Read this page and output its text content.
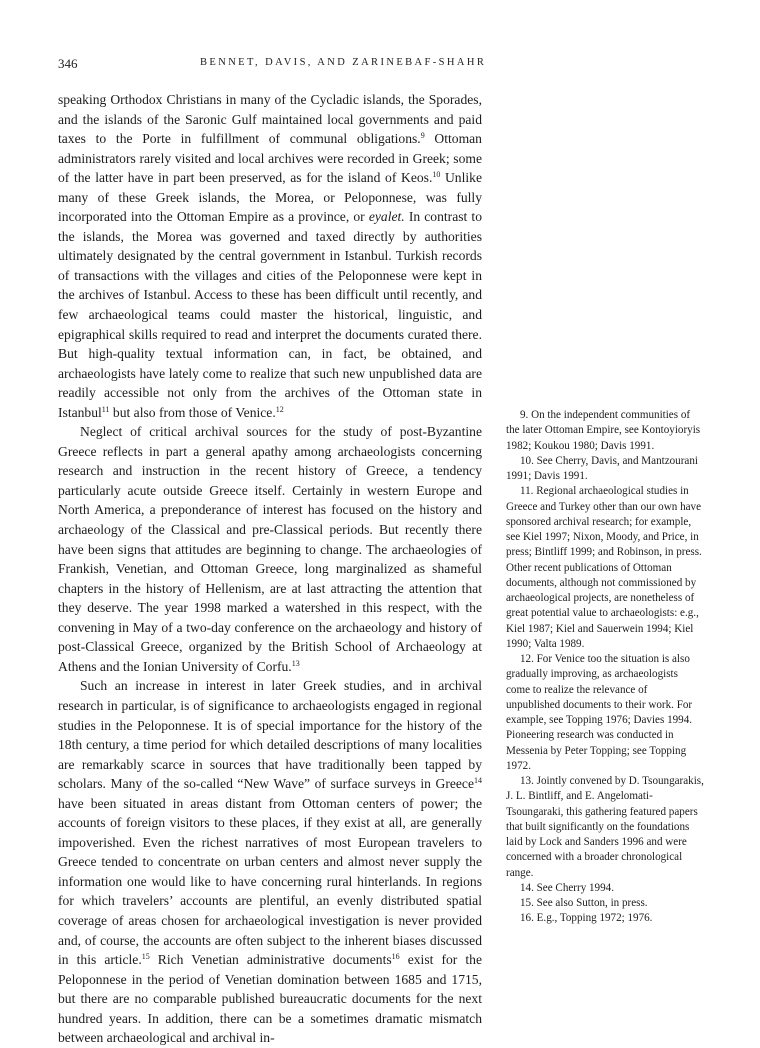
346	BENNET, DAVIS, AND ZARINEBAF-SHAHR

speaking Orthodox Christians in many of the Cycladic islands, the Sporades, and the islands of the Saronic Gulf maintained local governments and paid taxes to the Porte in fulfillment of communal obligations.$^9$ Ottoman administrators rarely visited and local archives were recorded in Greek; some of the latter have in part been preserved, as for the island of Keos.$^{10}$ Unlike many of these Greek islands, the Morea, or Peloponnese, was fully incorporated into the Ottoman Empire as a province, or eyalet. In contrast to the islands, the Morea was governed and taxed directly by authorities ultimately designated by the central government in Istanbul. Turkish records of transactions with the villages and cities of the Peloponnese were kept in the archives of Istanbul. Access to these has been difficult until recently, and few archaeological teams could master the historical, linguistic, and epigraphical skills required to read and interpret the documents curated there. But high-quality textual information can, in fact, be obtained, and archaeologists have lately come to realize that such new unpublished data are readily accessible not only from the archives of the Ottoman state in Istanbul$^{11}$ but also from those of Venice.$^{12}$

Neglect of critical archival sources for the study of post-Byzantine Greece reflects in part a general apathy among archaeologists concerning research and instruction in the recent history of Greece, a tendency particularly acute outside Greece itself. Certainly in western Europe and North America, a preponderance of interest has focused on the history and archaeology of the Classical and pre-Classical periods. But recently there have been signs that attitudes are beginning to change. The archaeologies of Frankish, Venetian, and Ottoman Greece, long marginalized as shameful chapters in the history of Hellenism, are at last attracting the attention that they deserve. The year 1998 marked a watershed in this respect, with the convening in May of a two-day conference on the archaeology and history of post-Classical Greece, organized by the British School of Archaeology at Athens and the Ionian University of Corfu.$^{13}$

Such an increase in interest in later Greek studies, and in archival research in particular, is of significance to archaeologists engaged in regional studies in the Peloponnese. It is of special importance for the history of the 18th century, a time period for which detailed descriptions of many localities are remarkably scarce in sources that have traditionally been tapped by scholars. Many of the so-called “New Wave” of surface surveys in Greece$^{14}$ have been situated in areas distant from Ottoman centers of power; the accounts of foreign visitors to these places, if they exist at all, are generally impoverished. Even the richest narratives of most European travelers to Greece tended to concentrate on urban centers and almost never supply the information one would like to have concerning rural hinterlands. In regions for which travelers’ accounts are plentiful, an evenly distributed spatial coverage of areas chosen for archaeological investigation is never provided and, of course, the accounts are often subject to the inherent biases discussed in this article.$^{15}$ Rich Venetian administrative documents$^{16}$ exist for the Peloponnese in the period of Venetian domination between 1685 and 1715, but there are no comparable published bureaucratic documents for the next hundred years. In addition, there can be a sometimes dramatic mismatch between archaeological and archival in-

9. On the independent communities of the later Ottoman Empire, see Kontoyioryis 1982; Koukou 1980; Davis 1991.

10. See Cherry, Davis, and Mantzourani 1991; Davis 1991.

11. Regional archaeological studies in Greece and Turkey other than our own have sponsored archival research; for example, see Kiel 1997; Nixon, Moody, and Price, in press; Bintliff 1999; and Robinson, in press. Other recent publications of Ottoman documents, although not commissioned by archaeological projects, are nonetheless of great potential value to archaeologists: e.g., Kiel 1987; Kiel and Sauerwein 1994; Kiel 1990; Valta 1989.

12. For Venice too the situation is also gradually improving, as archaeologists come to realize the relevance of unpublished documents to their work. For example, see Topping 1976; Davies 1994. Pioneering research was conducted in Messenia by Peter Topping; see Topping 1972.

13. Jointly convened by D. Tsoungarakis, J. L. Bintliff, and E. Angelomati-Tsoungaraki, this gathering featured papers that built significantly on the foundations laid by Lock and Sanders 1996 and were concerned with a broader chronological range.

14. See Cherry 1994.

15. See also Sutton, in press.

16. E.g., Topping 1972; 1976.
